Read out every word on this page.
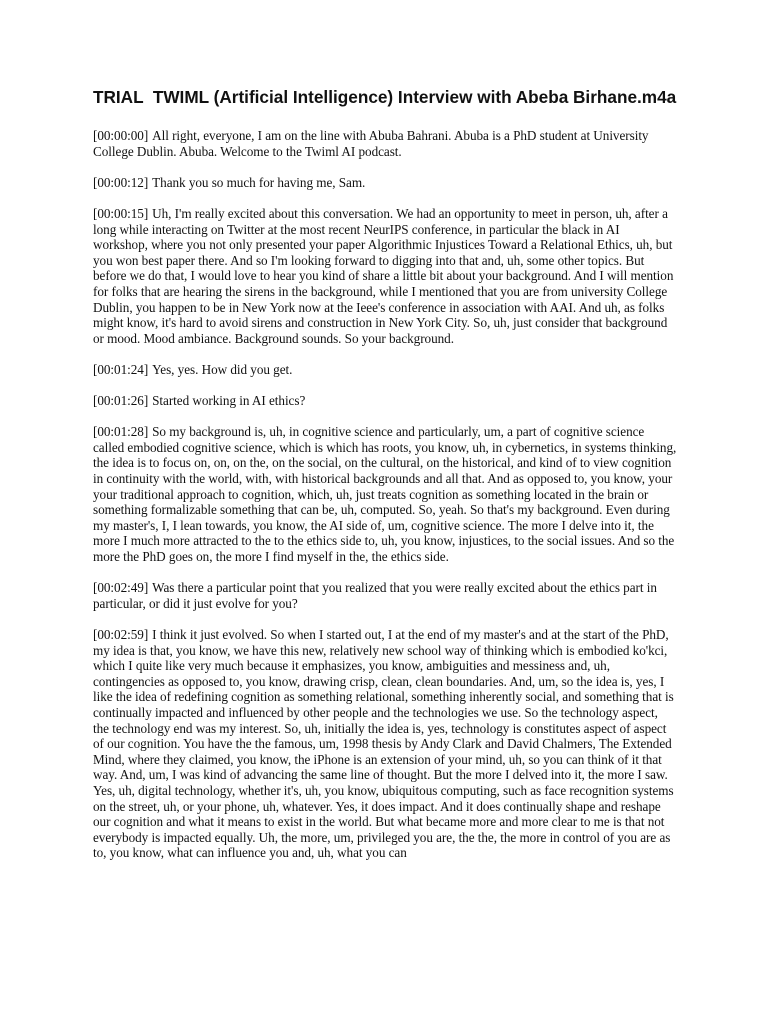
TRIAL  TWIML (Artificial Intelligence) Interview with Abeba Birhane.m4a

[00:00:00] All right, everyone, I am on the line with Abuba Bahrani. Abuba is a PhD student at University College Dublin. Abuba. Welcome to the Twiml AI podcast.

[00:00:12] Thank you so much for having me, Sam.

[00:00:15] Uh, I'm really excited about this conversation. We had an opportunity to meet in person, uh, after a long while interacting on Twitter at the most recent NeurIPS conference, in particular the black in AI workshop, where you not only presented your paper Algorithmic Injustices Toward a Relational Ethics, uh, but you won best paper there. And so I'm looking forward to digging into that and, uh, some other topics. But before we do that, I would love to hear you kind of share a little bit about your background. And I will mention for folks that are hearing the sirens in the background, while I mentioned that you are from university College Dublin, you happen to be in New York now at the Ieee's conference in association with AAI. And uh, as folks might know, it's hard to avoid sirens and construction in New York City. So, uh, just consider that background or mood. Mood ambiance. Background sounds. So your background.

[00:01:24] Yes, yes. How did you get.

[00:01:26] Started working in AI ethics?

[00:01:28] So my background is, uh, in cognitive science and particularly, um, a part of cognitive science called embodied cognitive science, which is which has roots, you know, uh, in cybernetics, in systems thinking, the idea is to focus on, on, on the, on the social, on the cultural, on the historical, and kind of to view cognition in continuity with the world, with, with historical backgrounds and all that. And as opposed to, you know, your your traditional approach to cognition, which, uh, just treats cognition as something located in the brain or something formalizable something that can be, uh, computed. So, yeah. So that's my background. Even during my master's, I, I lean towards, you know, the AI side of, um, cognitive science. The more I delve into it, the more I much more attracted to the to the ethics side to, uh, you know, injustices, to the social issues. And so the more the PhD goes on, the more I find myself in the, the ethics side.

[00:02:49] Was there a particular point that you realized that you were really excited about the ethics part in particular, or did it just evolve for you?

[00:02:59] I think it just evolved. So when I started out, I at the end of my master's and at the start of the PhD, my idea is that, you know, we have this new, relatively new school way of thinking which is embodied ko'kci, which I quite like very much because it emphasizes, you know, ambiguities and messiness and, uh, contingencies as opposed to, you know, drawing crisp, clean, clean boundaries. And, um, so the idea is, yes, I like the idea of redefining cognition as something relational, something inherently social, and something that is continually impacted and influenced by other people and the technologies we use. So the technology aspect, the technology end was my interest. So, uh, initially the idea is, yes, technology is constitutes aspect of aspect of our cognition. You have the the famous, um, 1998 thesis by Andy Clark and David Chalmers, The Extended Mind, where they claimed, you know, the iPhone is an extension of your mind, uh, so you can think of it that way. And, um, I was kind of advancing the same line of thought. But the more I delved into it, the more I saw. Yes, uh, digital technology, whether it's, uh, you know, ubiquitous computing, such as face recognition systems on the street, uh, or your phone, uh, whatever. Yes, it does impact. And it does continually shape and reshape our cognition and what it means to exist in the world. But what became more and more clear to me is that not everybody is impacted equally. Uh, the more, um, privileged you are, the the, the more in control of you are as to, you know, what can influence you and, uh, what you can
